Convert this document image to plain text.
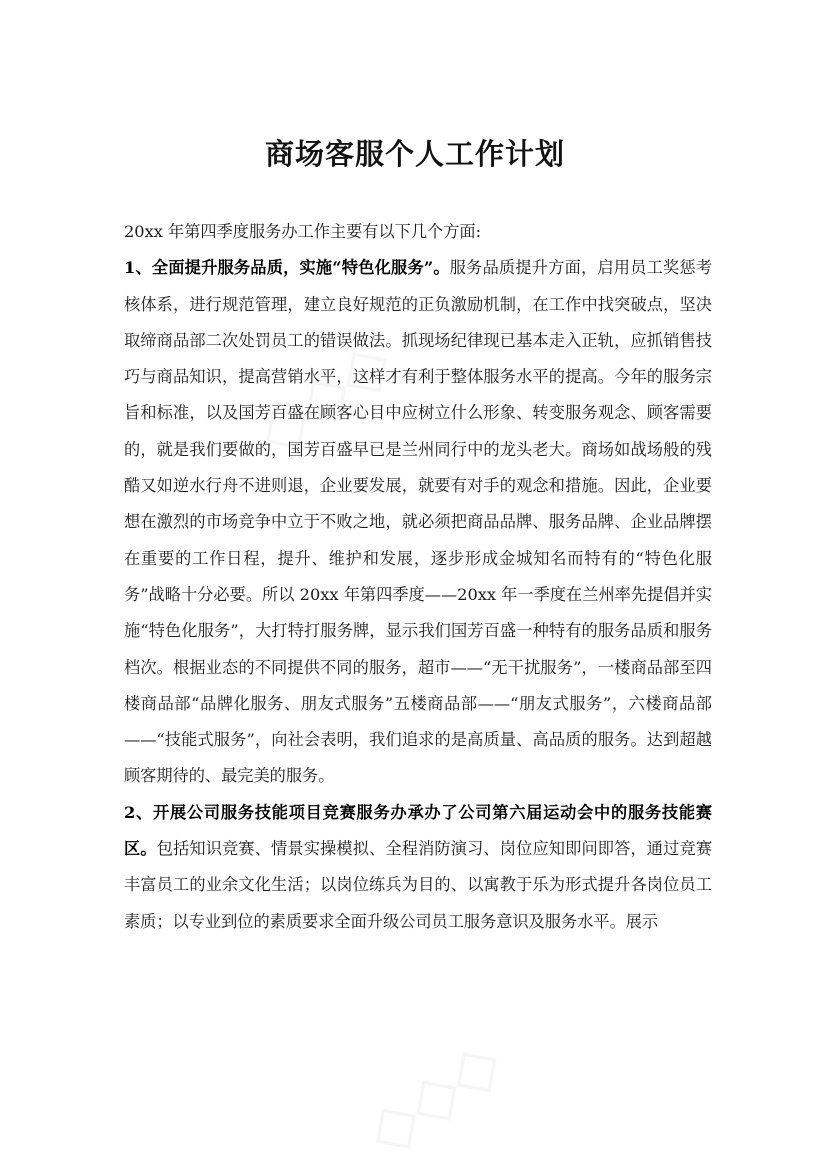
◇◇◇
◇◇◇
商场客服个人工作计划

20xx 年第四季度服务办工作主要有以下几个方面:

1、全面提升服务品质，实施“特色化服务”。服务品质提升方面，启用员工奖惩考核体系，进行规范管理，建立良好规范的正负激励机制，在工作中找突破点，坚决取缔商品部二次处罚员工的错误做法。抓现场纪律现已基本走入正轨，应抓销售技巧与商品知识，提高营销水平，这样才有利于整体服务水平的提高。今年的服务宗旨和标准，以及国芳百盛在顾客心目中应树立什么形象、转变服务观念、顾客需要的，就是我们要做的，国芳百盛早已是兰州同行中的龙头老大。商场如战场般的残酷又如逆水行舟不进则退，企业要发展，就要有对手的观念和措施。因此，企业要想在激烈的市场竞争中立于不败之地，就必须把商品品牌、服务品牌、企业品牌摆在重要的工作日程，提升、维护和发展，逐步形成金城知名而特有的“特色化服务”战略十分必要。所以 20xx 年第四季度——20xx 年一季度在兰州率先提倡并实施“特色化服务”，大打特打服务牌，显示我们国芳百盛一种特有的服务品质和服务档次。根据业态的不同提供不同的服务，超市——“无干扰服务”，一楼商品部至四楼商品部“品牌化服务、朋友式服务”五楼商品部——“朋友式服务”，六楼商品部——“技能式服务”，向社会表明，我们追求的是高质量、高品质的服务。达到超越顾客期待的、最完美的服务。

2、开展公司服务技能项目竞赛服务办承办了公司第六届运动会中的服务技能赛区。包括知识竞赛、情景实操模拟、全程消防演习、岗位应知即问即答，通过竞赛丰富员工的业余文化生活；以岗位练兵为目的、以寓教于乐为形式提升各岗位员工素质；以专业到位的素质要求全面升级公司员工服务意识及服务水平。展示
